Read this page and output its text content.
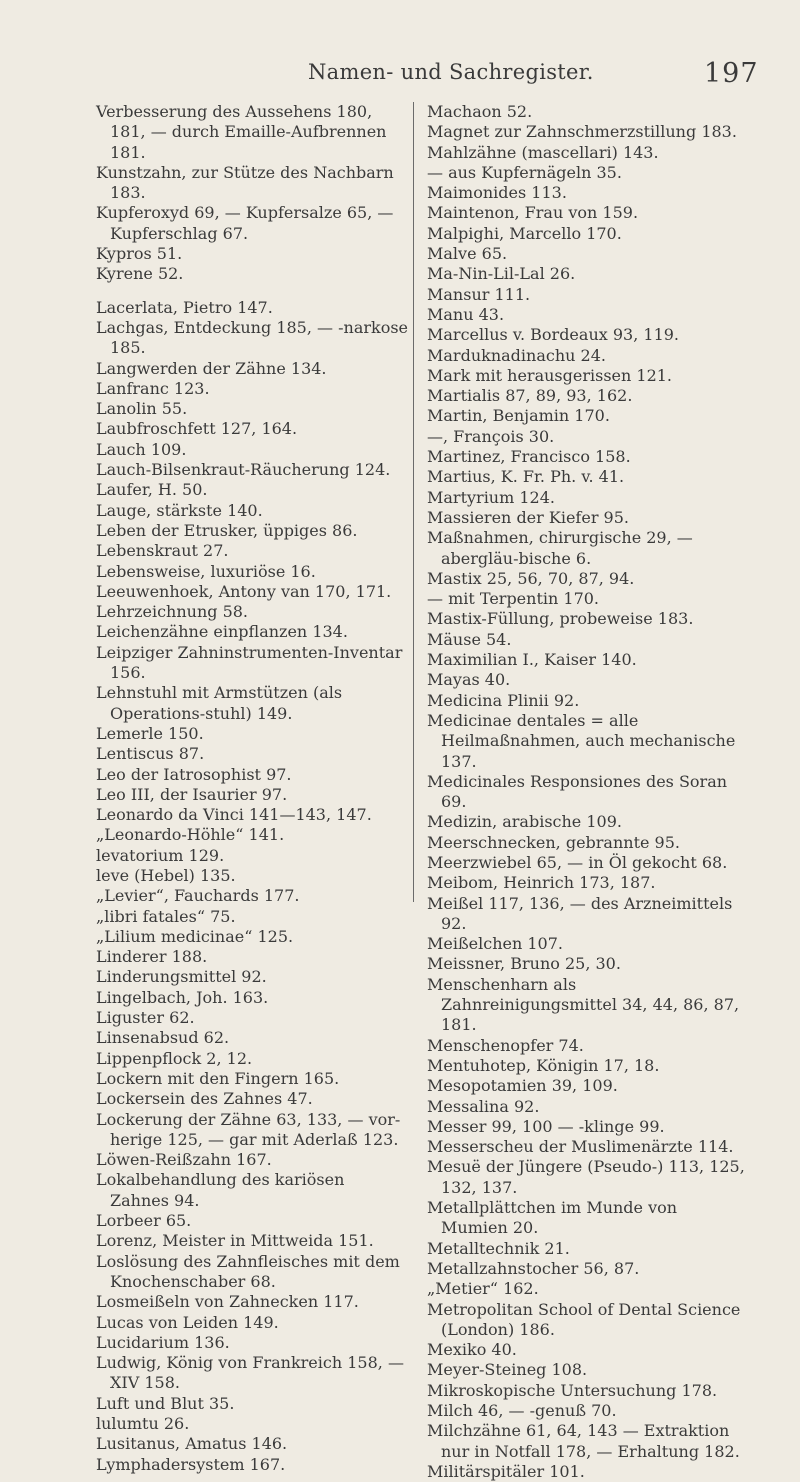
Namen- und Sachregister.	197
Verbesserung des Aussehens 180, 181, — durch Emaille-Aufbrennen 181.
Kunstzahn, zur Stütze des Nachbarn 183.
Kupferoxyd 69, — Kupfersalze 65, — Kupferschlag 67.
Kypros 51.
Kyrene 52.
Lacerlata, Pietro 147.
Lachgas, Entdeckung 185, — -narkose 185.
Langwerden der Zähne 134.
Lanfranc 123.
Lanolin 55.
Laubfroschfett 127, 164.
Lauch 109.
Lauch-Bilsenkraut-Räucherung 124.
Laufer, H. 50.
Lauge, stärkste 140.
Leben der Etrusker, üppiges 86.
Lebenskraut 27.
Lebensweise, luxuriöse 16.
Leeuwenhoek, Antony van 170, 171.
Lehrzeichnung 58.
Leichenzähne einpflanzen 134.
Leipziger Zahninstrumenten-Inventar 156.
Lehnstuhl mit Armstützen (als Operations-stuhl) 149.
Lemerle 150.
Lentiscus 87.
Leo der Iatrosophist 97.
Leo III, der Isaurier 97.
Leonardo da Vinci 141—143, 147.
„Leonardo-Höhle“ 141.
levatorium 129.
leve (Hebel) 135.
„Levier“, Fauchards 177.
„libri fatales“ 75.
„Lilium medicinae“ 125.
Linderer 188.
Linderungsmittel 92.
Lingelbach, Joh. 163.
Liguster 62.
Linsenabsud 62.
Lippenpflock 2, 12.
Lockern mit den Fingern 165.
Lockersein des Zahnes 47.
Lockerung der Zähne 63, 133, — vor-herige 125, — gar mit Aderlaß 123.
Löwen-Reißzahn 167.
Lokalbehandlung des kariösen Zahnes 94.
Lorbeer 65.
Lorenz, Meister in Mittweida 151.
Loslösung des Zahnfleisches mit dem Knochenschaber 68.
Losmeißeln von Zahnecken 117.
Lucas von Leiden 149.
Lucidarium 136.
Ludwig, König von Frankreich 158, — XIV 158.
Luft und Blut 35.
lulumtu 26.
Lusitanus, Amatus 146.
Lymphadersystem 167.
Machaon 52.
Magnet zur Zahnschmerzstillung 183.
Mahlzähne (mascellari) 143.
— aus Kupfernägeln 35.
Maimonides 113.
Maintenon, Frau von 159.
Malpighi, Marcello 170.
Malve 65.
Ma-Nin-Lil-Lal 26.
Mansur 111.
Manu 43.
Marcellus v. Bordeaux 93, 119.
Marduknadinachu 24.
Mark mit herausgerissen 121.
Martialis 87, 89, 93, 162.
Martin, Benjamin 170.
—, François 30.
Martinez, Francisco 158.
Martius, K. Fr. Ph. v. 41.
Martyrium 124.
Massieren der Kiefer 95.
Maßnahmen, chirurgische 29, — abergläu-bische 6.
Mastix 25, 56, 70, 87, 94.
— mit Terpentin 170.
Mastix-Füllung, probeweise 183.
Mäuse 54.
Maximilian I., Kaiser 140.
Mayas 40.
Medicina Plinii 92.
Medicinae dentales = alle Heilmaßnahmen, auch mechanische 137.
Medicinales Responsiones des Soran 69.
Medizin, arabische 109.
Meerschnecken, gebrannte 95.
Meerzwiebel 65, — in Öl gekocht 68.
Meibom, Heinrich 173, 187.
Meißel 117, 136, — des Arzneimittels 92.
Meißelchen 107.
Meissner, Bruno 25, 30.
Menschenharn als Zahnreinigungsmittel 34, 44, 86, 87, 181.
Menschenopfer 74.
Mentuhotep, Königin 17, 18.
Mesopotamien 39, 109.
Messalina 92.
Messer 99, 100 — -klinge 99.
Messerscheu der Muslimenärzte 114.
Mesuë der Jüngere (Pseudo-) 113, 125, 132, 137.
Metallplättchen im Munde von Mumien 20.
Metalltechnik 21.
Metallzahnstocher 56, 87.
„Metier“ 162.
Metropolitan School of Dental Science (London) 186.
Mexiko 40.
Meyer-Steineg 108.
Mikroskopische Untersuchung 178.
Milch 46, — -genuß 70.
Milchzähne 61, 64, 143 — Extraktion nur in Notfall 178, — Erhaltung 182.
Militärspitäler 101.
